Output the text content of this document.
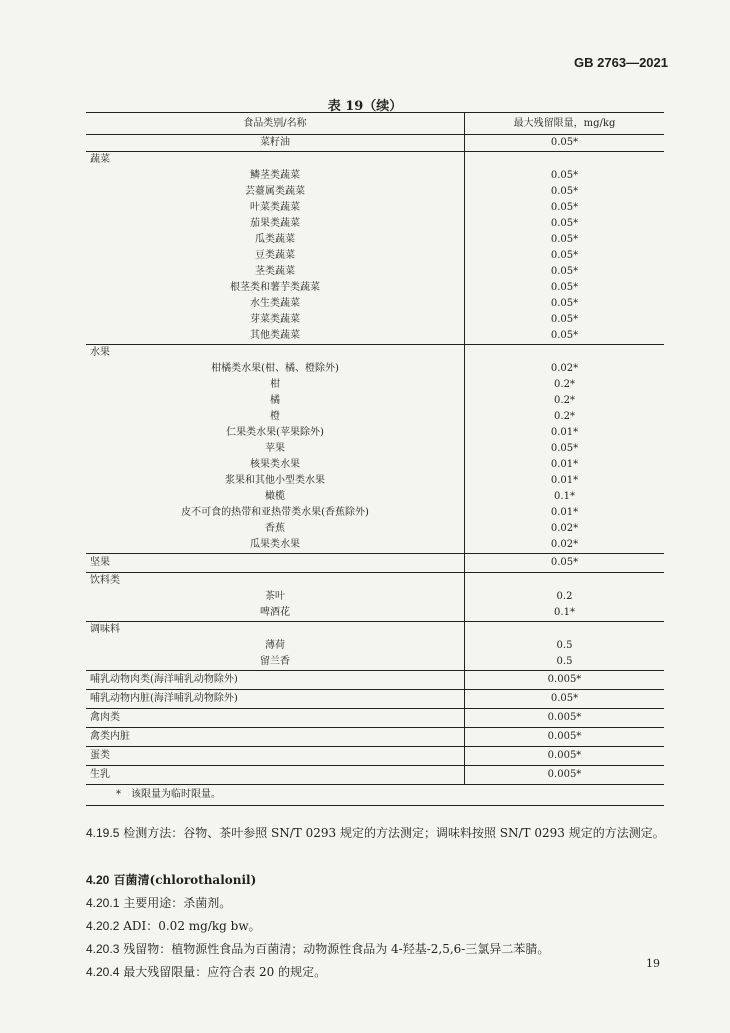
GB 2763—2021
表 19（续）
食品类别/名称	最大残留限量，mg/kg
菜籽油	0.05*
蔬菜	
鳞茎类蔬菜	0.05*
芸薹属类蔬菜	0.05*
叶菜类蔬菜	0.05*
茄果类蔬菜	0.05*
瓜类蔬菜	0.05*
豆类蔬菜	0.05*
茎类蔬菜	0.05*
根茎类和薯芋类蔬菜	0.05*
水生类蔬菜	0.05*
芽菜类蔬菜	0.05*
其他类蔬菜	0.05*
水果	
柑橘类水果(柑、橘、橙除外)	0.02*
柑	0.2*
橘	0.2*
橙	0.2*
仁果类水果(苹果除外)	0.01*
苹果	0.05*
核果类水果	0.01*
浆果和其他小型类水果	0.01*
橄榄	0.1*
皮不可食的热带和亚热带类水果(香蕉除外)	0.01*
香蕉	0.02*
瓜果类水果	0.02*
坚果	0.05*
饮料类	
茶叶	0.2
啤酒花	0.1*
调味料	
薄荷	0.5
留兰香	0.5
哺乳动物肉类(海洋哺乳动物除外)	0.005*
哺乳动物内脏(海洋哺乳动物除外)	0.05*
禽肉类	0.005*
禽类内脏	0.005*
蛋类	0.005*
生乳	0.005*
*　该限量为临时限量。	
4.19.5 检测方法：谷物、茶叶参照 SN/T 0293 规定的方法测定；调味料按照 SN/T 0293 规定的方法测定。
4.20 百菌清(chlorothalonil)
4.20.1 主要用途：杀菌剂。
4.20.2 ADI：0.02 mg/kg bw。
4.20.3 残留物：植物源性食品为百菌清；动物源性食品为 4-羟基-2,5,6-三氯异二苯腈。
4.20.4 最大残留限量：应符合表 20 的规定。
19
